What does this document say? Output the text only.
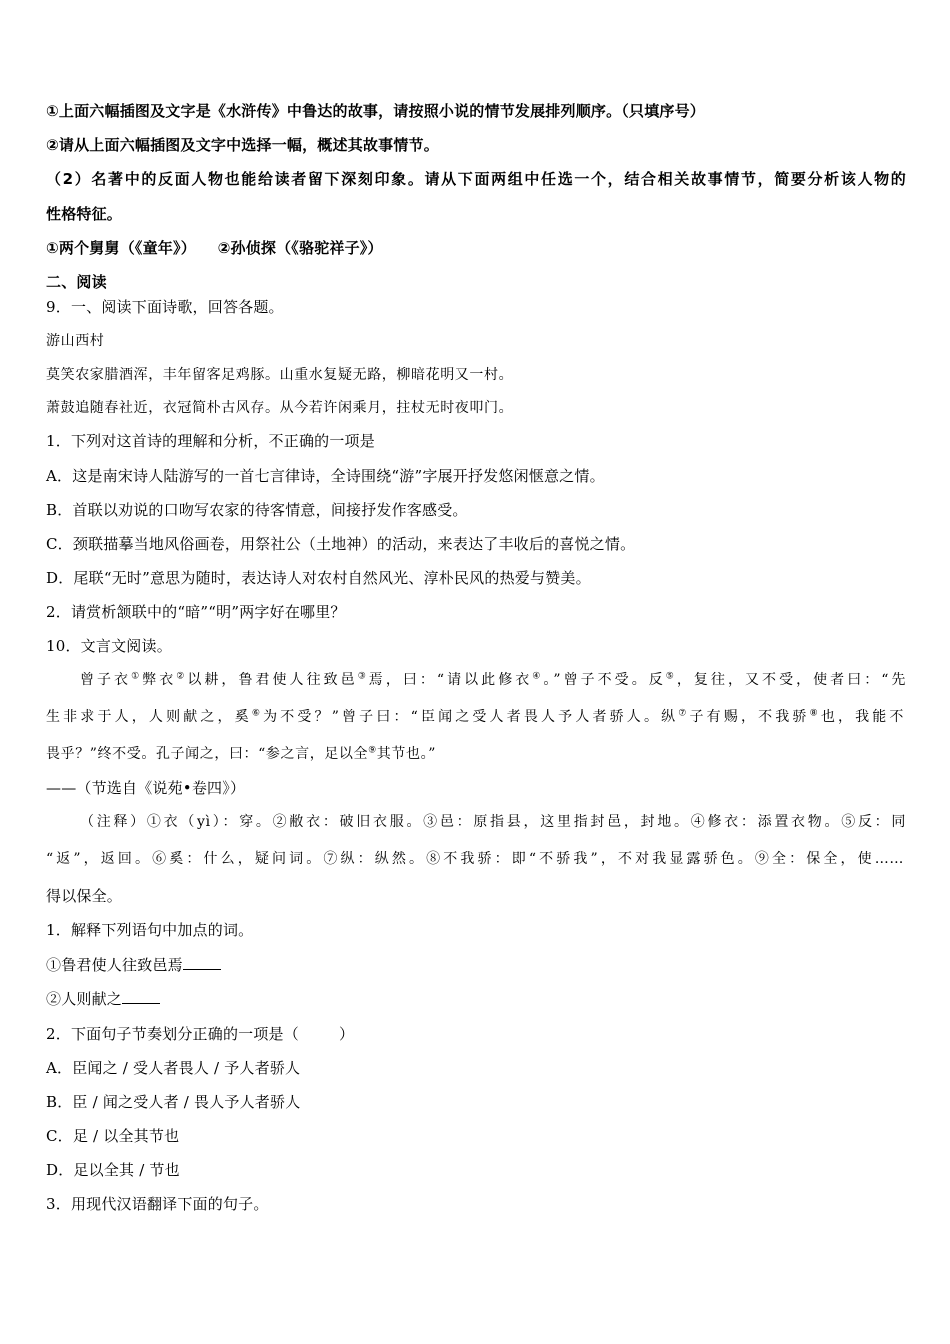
①上面六幅插图及文字是《水浒传》中鲁达的故事，请按照小说的情节发展排列顺序。（只填序号）
②请从上面六幅插图及文字中选择一幅，概述其故事情节。
（2）名著中的反面人物也能给读者留下深刻印象。请从下面两组中任选一个，结合相关故事情节，简要分析该人物的
性格特征。
①两个舅舅（《童年》）    ②孙侦探（《骆驼祥子》）
二、阅读
9．一、阅读下面诗歌，回答各题。
游山西村
莫笑农家腊酒浑，丰年留客足鸡豚。山重水复疑无路，柳暗花明又一村。
萧鼓追随春社近，衣冠简朴古风存。从今若许闲乘月，拄杖无时夜叩门。
1．下列对这首诗的理解和分析，不正确的一项是
A．这是南宋诗人陆游写的一首七言律诗，全诗围绕“游”字展开抒发悠闲惬意之情。
B．首联以劝说的口吻写农家的待客情意，间接抒发作客感受。
C．颈联描摹当地风俗画卷，用祭社公（土地神）的活动，来表达了丰收后的喜悦之情。
D．尾联“无时”意思为随时，表达诗人对农村自然风光、淳朴民风的热爱与赞美。
2．请赏析颔联中的“暗”“明”两字好在哪里？
10．文言文阅读。
曾子衣①弊衣②以耕，鲁君使人往致邑③焉，曰：“请以此修衣④。”曾子不受。反⑤，复往，又不受，使者曰：“先
生非求于人，人则献之，奚⑥为不受？”曾子曰：“臣闻之受人者畏人予人者骄人。纵⑦子有赐，不我骄⑧也，我能不
畏乎？”终不受。孔子闻之，曰：“参之言，足以全⑨其节也。”
——（节选自《说苑•卷四》）
（注释）①衣（yì）：穿。②敝衣：破旧衣服。③邑：原指县，这里指封邑，封地。④修衣：添置衣物。⑤反：同
“返”，返回。⑥奚：什么，疑问词。⑦纵：纵然。⑧不我骄：即“不骄我”，不对我显露骄色。⑨全：保全，使……
得以保全。
1．解释下列语句中加点的词。
①鲁君使人往致邑焉
②人则献之
2．下面句子节奏划分正确的一项是（	）
A．臣闻之 / 受人者畏人 / 予人者骄人
B．臣 / 闻之受人者 / 畏人予人者骄人
C．足 / 以全其节也
D．足以全其 / 节也
3．用现代汉语翻译下面的句子。
